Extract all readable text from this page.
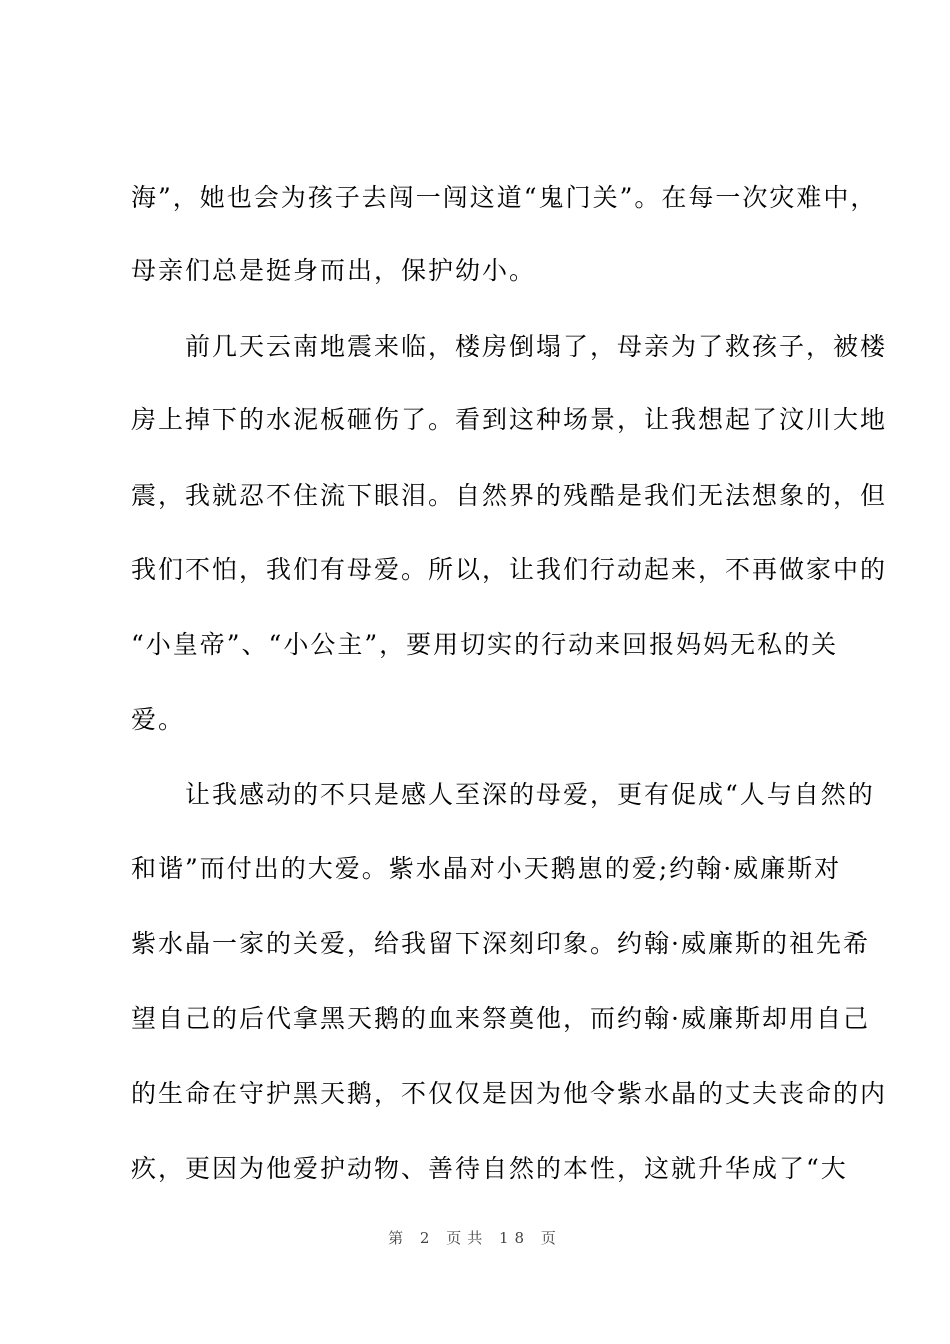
海”，她也会为孩子去闯一闯这道“鬼门关”。在每一次灾难中，
母亲们总是挺身而出，保护幼小。
　　前几天云南地震来临，楼房倒塌了，母亲为了救孩子，被楼
房上掉下的水泥板砸伤了。看到这种场景，让我想起了汶川大地
震，我就忍不住流下眼泪。自然界的残酷是我们无法想象的，但
我们不怕，我们有母爱。所以，让我们行动起来，不再做家中的
“小皇帝”、“小公主”，要用切实的行动来回报妈妈无私的关
爱。
　　让我感动的不只是感人至深的母爱，更有促成“人与自然的
和谐”而付出的大爱。紫水晶对小天鹅崽的爱;约翰·威廉斯对
紫水晶一家的关爱，给我留下深刻印象。约翰·威廉斯的祖先希
望自己的后代拿黑天鹅的血来祭奠他，而约翰·威廉斯却用自己
的生命在守护黑天鹅，不仅仅是因为他令紫水晶的丈夫丧命的内
疚，更因为他爱护动物、善待自然的本性，这就升华成了“大
第 2 页共 18 页
